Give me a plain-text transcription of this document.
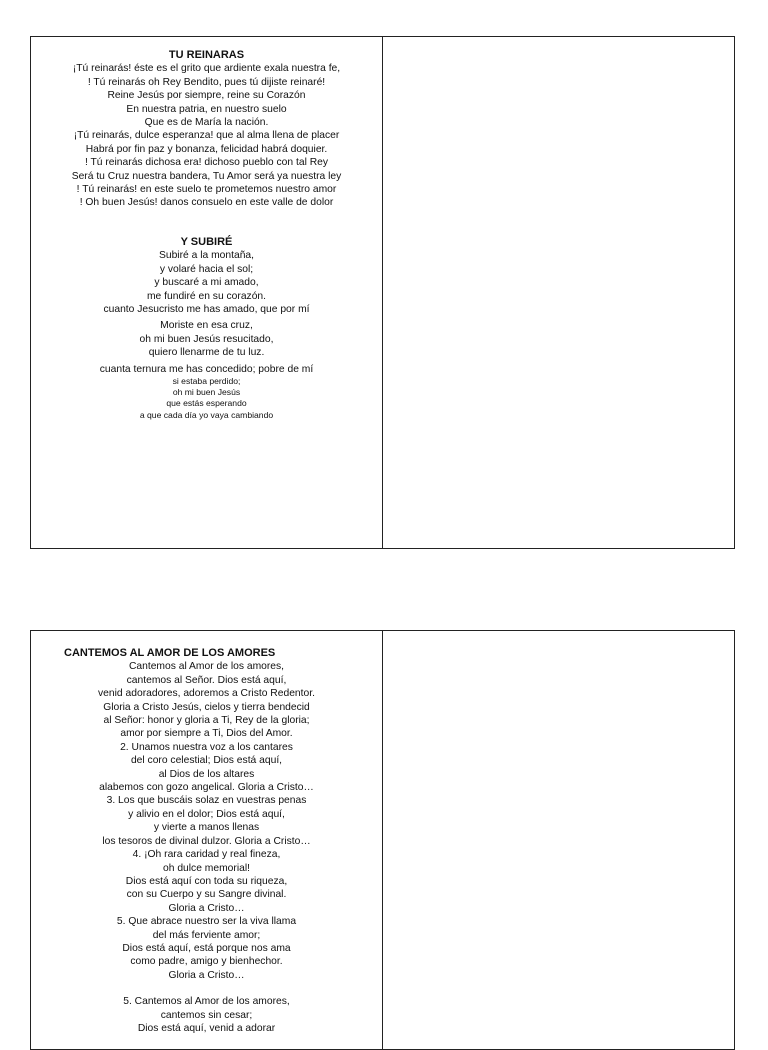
TU REINARAS
¡Tú reinarás! éste es el grito que ardiente exala nuestra fe,
! Tú reinarás oh Rey Bendito, pues tú dijiste reinaré!
Reine Jesús por siempre, reine su Corazón
En nuestra patria, en nuestro suelo
Que es de María la nación.
¡Tú reinarás, dulce esperanza! que al alma llena de placer
Habrá por fin paz y bonanza, felicidad habrá doquier.
! Tú reinarás dichosa era! dichoso pueblo con tal Rey
Será tu Cruz nuestra bandera, Tu Amor será ya nuestra ley
! Tú reinarás! en este suelo te prometemos nuestro amor
! Oh buen Jesús! danos consuelo en este valle de dolor
Y SUBIRÉ
Subiré a la montaña,
y volaré hacia el sol;
y buscaré a mi amado,
me fundiré en su corazón.
cuanto Jesucristo me has amado, que por mí
Moriste en esa cruz,
oh mi buen Jesús resucitado,
quiero llenarme de tu luz.
cuanta ternura me has concedido; pobre de mí
si estaba perdido;
oh mi buen Jesús
que estás esperando
a que cada día yo vaya cambiando
CANTEMOS AL AMOR DE LOS AMORES
Cantemos al Amor de los amores,
cantemos al Señor. Dios está aquí,
venid adoradores, adoremos a Cristo Redentor.
Gloria a Cristo Jesús, cielos y tierra bendecid
al Señor: honor y gloria a Ti, Rey de la gloria;
amor por siempre a Ti, Dios del Amor.
2. Unamos nuestra voz a los cantares
del coro celestial; Dios está aquí,
al Dios de los altares
alabemos con gozo angelical. Gloria a Cristo…
3. Los que buscáis solaz en vuestras penas
y alivio en el dolor; Dios está aquí,
y vierte a manos llenas
los tesoros de divinal dulzor. Gloria a Cristo…
4. ¡Oh rara caridad y real fineza,
oh dulce memorial!
Dios está aquí con toda su riqueza,
con su Cuerpo y su Sangre divinal.
Gloria a Cristo…
5. Que abrace nuestro ser la viva llama
del más ferviente amor;
Dios está aquí, está porque nos ama
como padre, amigo y bienhechor.
Gloria a Cristo…
5. Cantemos al Amor de los amores,
cantemos sin cesar;
Dios está aquí, venid a adorar
